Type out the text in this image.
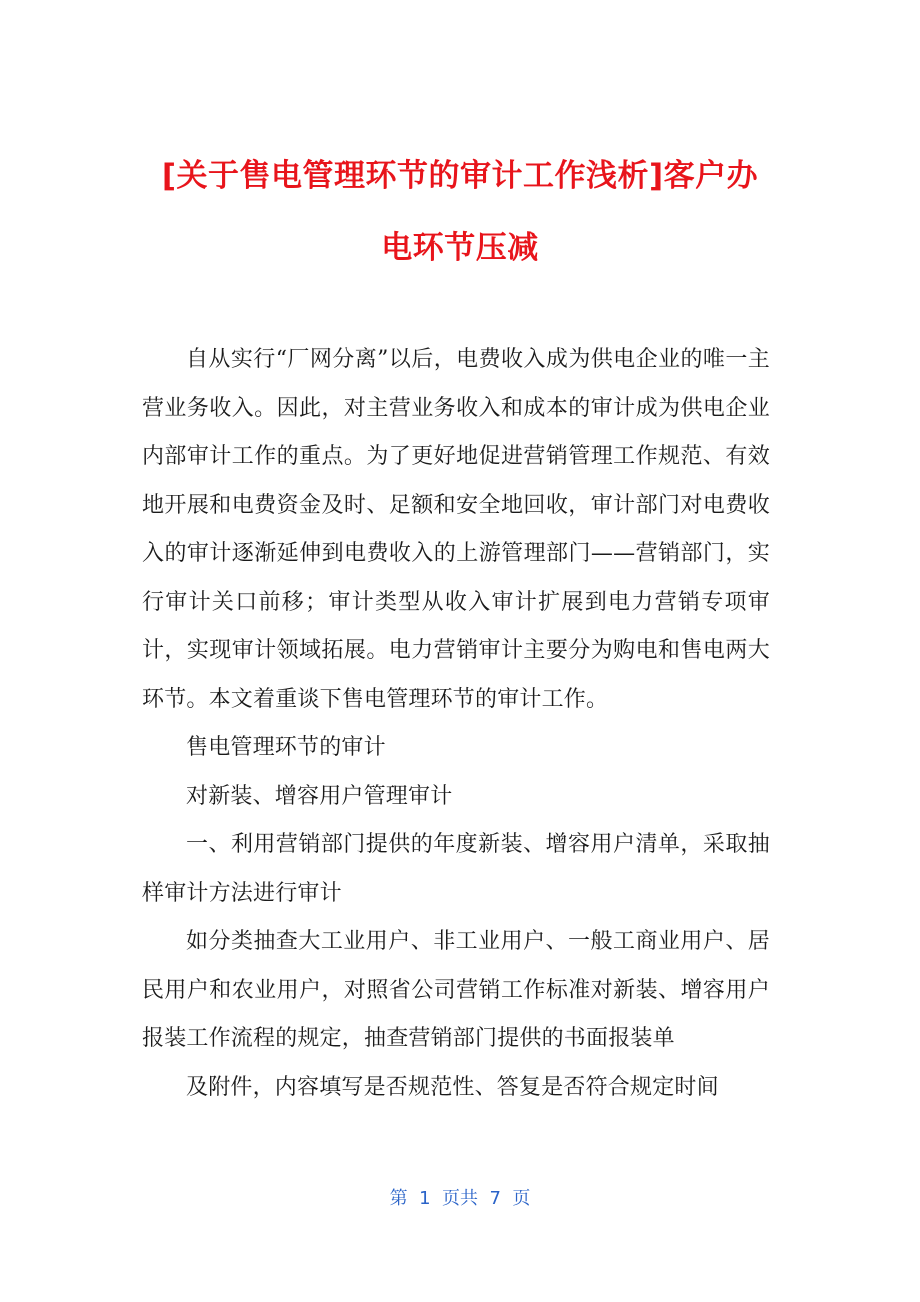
[关于售电管理环节的审计工作浅析]客户办
电环节压减

自从实行“厂网分离”以后，电费收入成为供电企业的唯一主营业务收入。因此，对主营业务收入和成本的审计成为供电企业内部审计工作的重点。为了更好地促进营销管理工作规范、有效地开展和电费资金及时、足额和安全地回收，审计部门对电费收入的审计逐渐延伸到电费收入的上游管理部门——营销部门，实行审计关口前移；审计类型从收入审计扩展到电力营销专项审计，实现审计领域拓展。电力营销审计主要分为购电和售电两大环节。本文着重谈下售电管理环节的审计工作。

售电管理环节的审计

对新装、增容用户管理审计

一、利用营销部门提供的年度新装、增容用户清单，采取抽样审计方法进行审计

如分类抽查大工业用户、非工业用户、一般工商业用户、居民用户和农业用户，对照省公司营销工作标准对新装、增容用户报装工作流程的规定，抽查营销部门提供的书面报装单

及附件，内容填写是否规范性、答复是否符合规定时间

第  1  页共  7  页
